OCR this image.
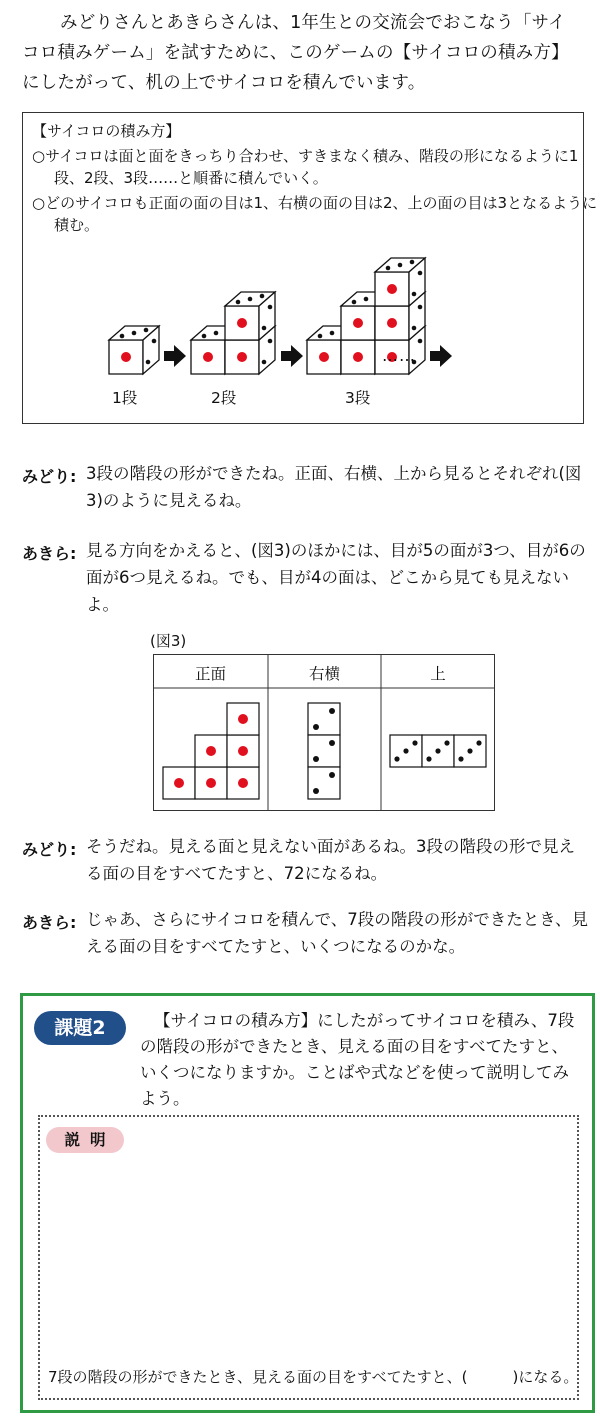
みどりさんとあきらさんは、1年生との交流会でおこなう「サイコロ積みゲーム」を試すために、このゲームの【サイコロの積み方】にしたがって、机の上でサイコロを積んでいます。
【サイコロの積み方】
○サイコロは面と面をきっちり合わせ、すきまなく積み、階段の形になるように1段、2段、3段……と順番に積んでいく。
○どのサイコロも正面の面の目は1、右横の面の目は2、上の面の目は3となるように積む。
……
1段	2段	3段
みどり: 3段の階段の形ができたね。正面、右横、上から見るとそれぞれ(図3)のように見えるね。
あきら: 見る方向をかえると、(図3)のほかには、目が5の面が3つ、目が6の面が6つ見えるね。でも、目が4の面は、どこから見ても見えないよ。
(図3)
正面	右横	上
みどり: そうだね。見える面と見えない面があるね。3段の階段の形で見える面の目をすべてたすと、72になるね。
あきら: じゃあ、さらにサイコロを積んで、7段の階段の形ができたとき、見える面の目をすべてたすと、いくつになるのかな。
課題2	【サイコロの積み方】にしたがってサイコロを積み、7段の階段の形ができたとき、見える面の目をすべてたすと、いくつになりますか。ことばや式などを使って説明してみよう。
説明
7段の階段の形ができたとき、見える面の目をすべてたすと、(　　　)になる。
